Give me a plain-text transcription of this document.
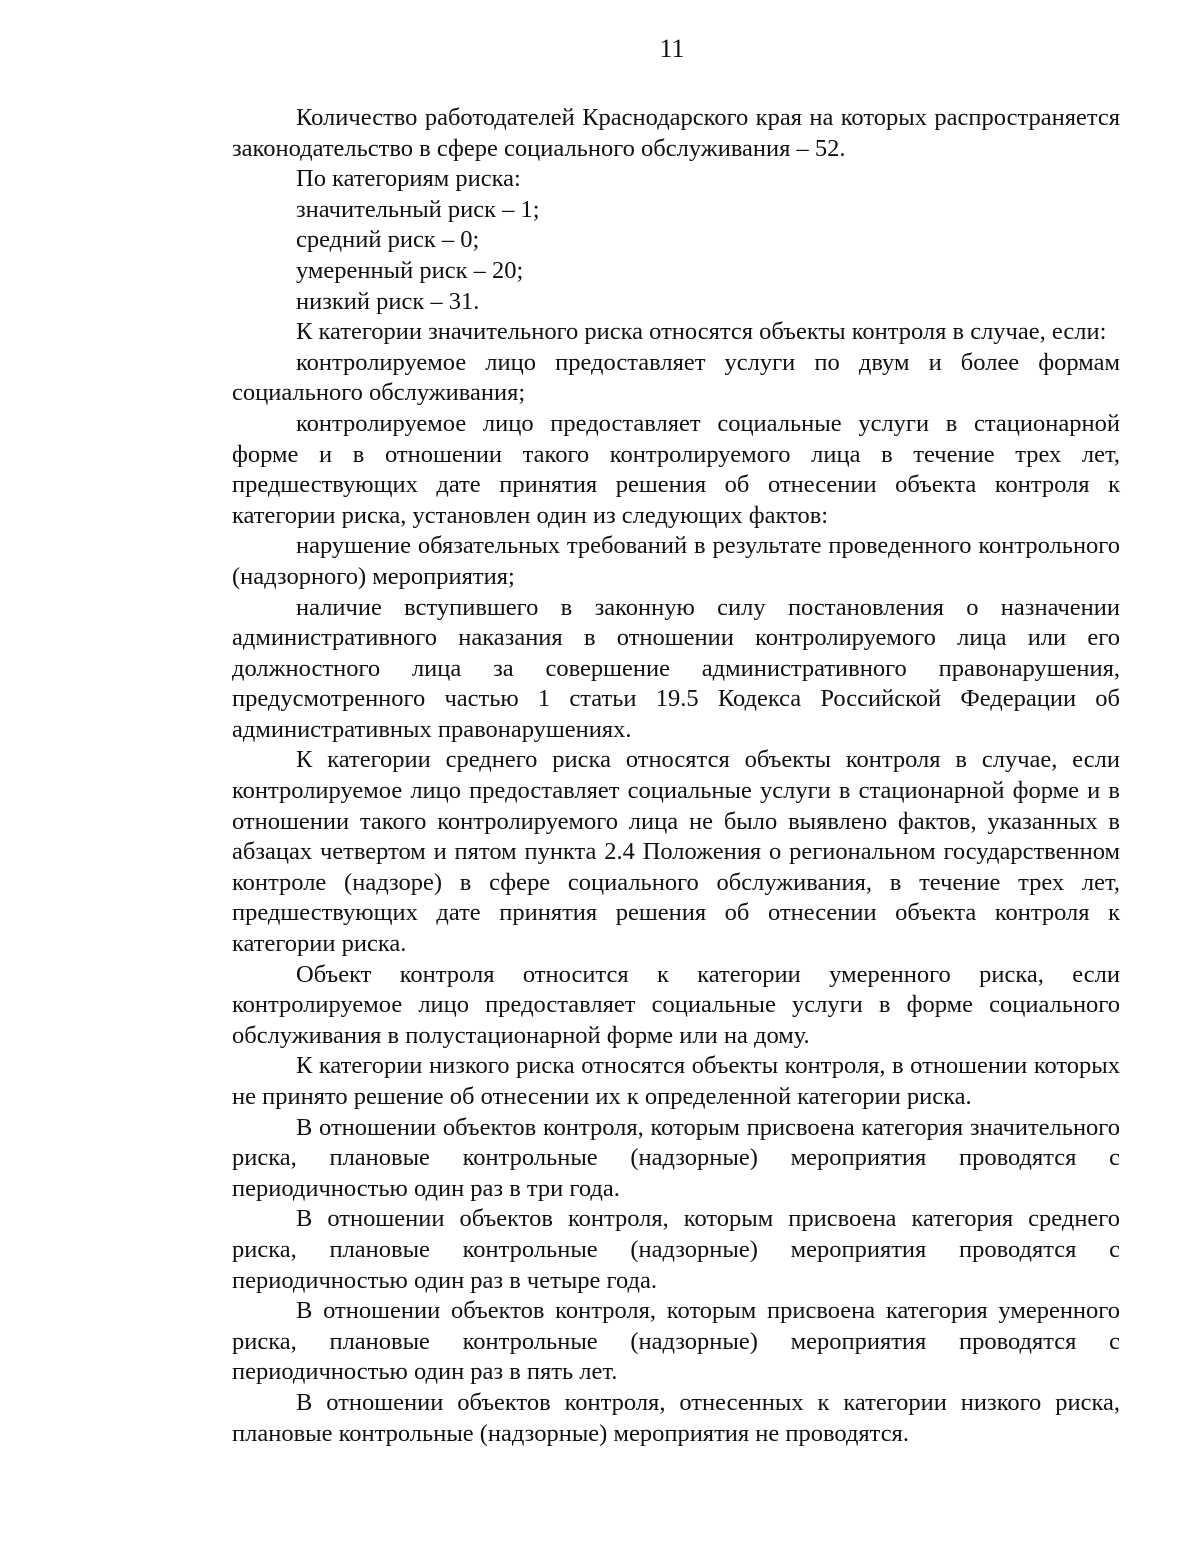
11

Количество работодателей Краснодарского края на которых распространяется законодательство в сфере социального обслуживания – 52.

По категориям риска:

значительный риск – 1;

средний риск – 0;

умеренный риск – 20;

низкий риск – 31.

К категории значительного риска относятся объекты контроля в случае, если:

контролируемое лицо предоставляет услуги по двум и более формам социального обслуживания;

контролируемое лицо предоставляет социальные услуги в стационарной форме и в отношении такого контролируемого лица в течение трех лет, предшествующих дате принятия решения об отнесении объекта контроля к категории риска, установлен один из следующих фактов:

нарушение обязательных требований в результате проведенного контрольного (надзорного) мероприятия;

наличие вступившего в законную силу постановления о назначении административного наказания в отношении контролируемого лица или его должностного лица за совершение административного правонарушения, предусмотренного частью 1 статьи 19.5 Кодекса Российской Федерации об административных правонарушениях.

К категории среднего риска относятся объекты контроля в случае, если контролируемое лицо предоставляет социальные услуги в стационарной форме и в отношении такого контролируемого лица не было выявлено фактов, указанных в абзацах четвертом и пятом пункта 2.4 Положения о региональном государственном контроле (надзоре) в сфере социального обслуживания, в течение трех лет, предшествующих дате принятия решения об отнесении объекта контроля к категории риска.

Объект контроля относится к категории умеренного риска, если контролируемое лицо предоставляет социальные услуги в форме социального обслуживания в полустационарной форме или на дому.

К категории низкого риска относятся объекты контроля, в отношении которых не принято решение об отнесении их к определенной категории риска.

В отношении объектов контроля, которым присвоена категория значительного риска, плановые контрольные (надзорные) мероприятия проводятся с периодичностью один раз в три года.

В отношении объектов контроля, которым присвоена категория среднего риска, плановые контрольные (надзорные) мероприятия проводятся с периодичностью один раз в четыре года.

В отношении объектов контроля, которым присвоена категория умеренного риска, плановые контрольные (надзорные) мероприятия проводятся с периодичностью один раз в пять лет.

В отношении объектов контроля, отнесенных к категории низкого риска, плановые контрольные (надзорные) мероприятия не проводятся.
